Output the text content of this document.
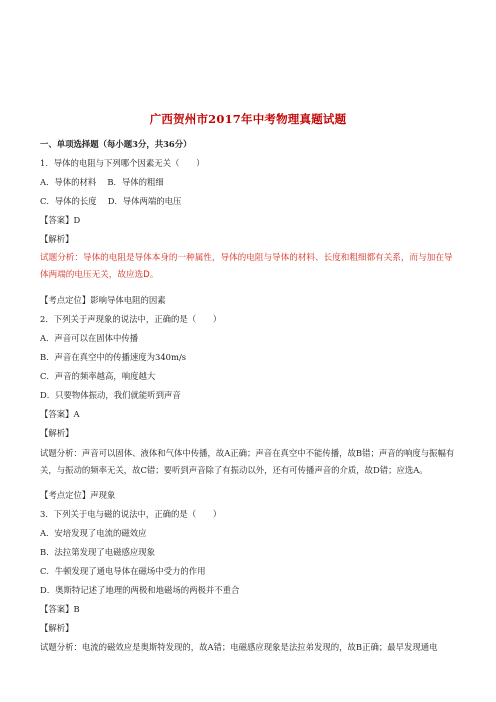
广西贺州市2017年中考物理真题试题
一、单项选择题（每小题3分，共36分）
1．导体的电阻与下列哪个因素无关（　　）
A．导体的材料　 B．导体的粗细
C．导体的长度　 D．导体两端的电压
【答案】D
【解析】
试题分析：导体的电阻是导体本身的一种属性，导体的电阻与导体的材料、长度和粗细都有关系，而与加在导体两端的电压无关，故应选D。
【考点定位】影响导体电阻的因素
2．下列关于声现象的说法中，正确的是（　　）
A．声音可以在固体中传播
B．声音在真空中的传播速度为340m/s
C．声音的频率越高，响度越大
D．只要物体振动，我们就能听到声音
【答案】A
【解析】
试题分析：声音可以固体、液体和气体中传播，故A正确；声音在真空中不能传播，故B错；声音的响度与振幅有关，与振动的频率无关，故C错；要听到声音除了有振动以外，还有可传播声音的介质，故D错；应选A。
【考点定位】声现象
3．下列关于电与磁的说法中，正确的是（　　）
A．安培发现了电流的磁效应
B．法拉第发现了电磁感应现象
C．牛顿发现了通电导体在磁场中受力的作用
D．奥斯特记述了地理的两极和地磁场的两极并不重合
【答案】B
【解析】
试题分析：电流的磁效应是奥斯特发现的，故A错；电磁感应现象是法拉弟发现的，故B正确；最早发现通电
